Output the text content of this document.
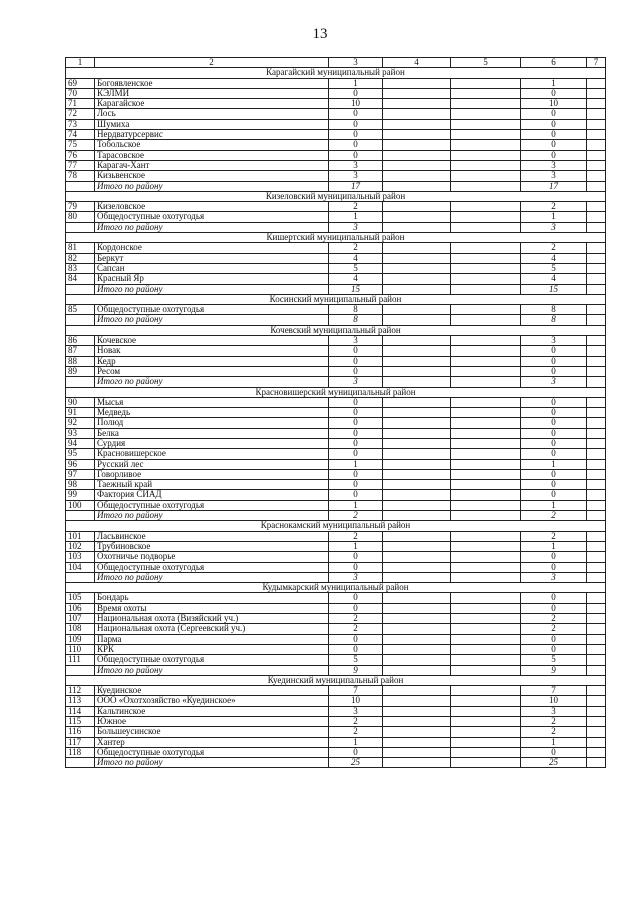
13
1	2	3	4	5	6	7
Карагайский муниципальный район						
69	Богоявленское	1			1	
70	КЭЛМИ	0			0	
71	Карагайское	10			10	
72	Лось	0			0	
73	Шумиха	0			0	
74	Нердватурсервис	0			0	
75	Тобольское	0			0	
76	Тарасовское	0			0	
77	Карагач-Хант	3			3	
78	Кизьвенское	3			3	
	Итого по району	17			17	
Кизеловский муниципальный район						
79	Кизеловское	2			2	
80	Общедоступные охотугодья	1			1	
	Итого по району	3			3	
Кишертский муниципальный район						
81	Кордонское	2			2	
82	Беркут	4			4	
83	Сапсан	5			5	
84	Красный Яр	4			4	
	Итого по району	15			15	
Косинский муниципальный район						
85	Общедоступные охотугодья	8			8	
	Итого по району	8			8	
Кочевский муниципальный район						
86	Кочевское	3			3	
87	Новак	0			0	
88	Кедр	0			0	
89	Ресом	0			0	
	Итого по району	3			3	
Красновишерский муниципальный район						
90	Мысья	0			0	
91	Медведь	0			0	
92	Полюд	0			0	
93	Белка	0			0	
94	Сурдия	0			0	
95	Красновишерское	0			0	
96	Русский лес	1			1	
97	Говорливое	0			0	
98	Таежный край	0			0	
99	Фактория СИАД	0			0	
100	Общедоступные охотугодья	1			1	
	Итого по району	2			2	
Краснокамский муниципальный район						
101	Ласьвинское	2			2	
102	Трубиновское	1			1	
103	Охотничье подворье	0			0	
104	Общедоступные охотугодья	0			0	
	Итого по району	3			3	
Кудымкарский муниципальный район						
105	Бондарь	0			0	
106	Время охоты	0			0	
107	Национальная охота (Визяйский уч.)	2			2	
108	Национальная охота (Сергеевский уч.)	2			2	
109	Парма	0			0	
110	КРК	0			0	
111	Общедоступные охотугодья	5			5	
	Итого по району	9			9	
Куединский муниципальный район						
112	Куединское	7			7	
113	ООО «Охотхозяйство «Куединское»	10			10	
114	Кальтинское	3			3	
115	Южное	2			2	
116	Большеусинское	2			2	
117	Хантер	1			1	
118	Общедоступные охотугодья	0			0	
	Итого по району	25			25	
